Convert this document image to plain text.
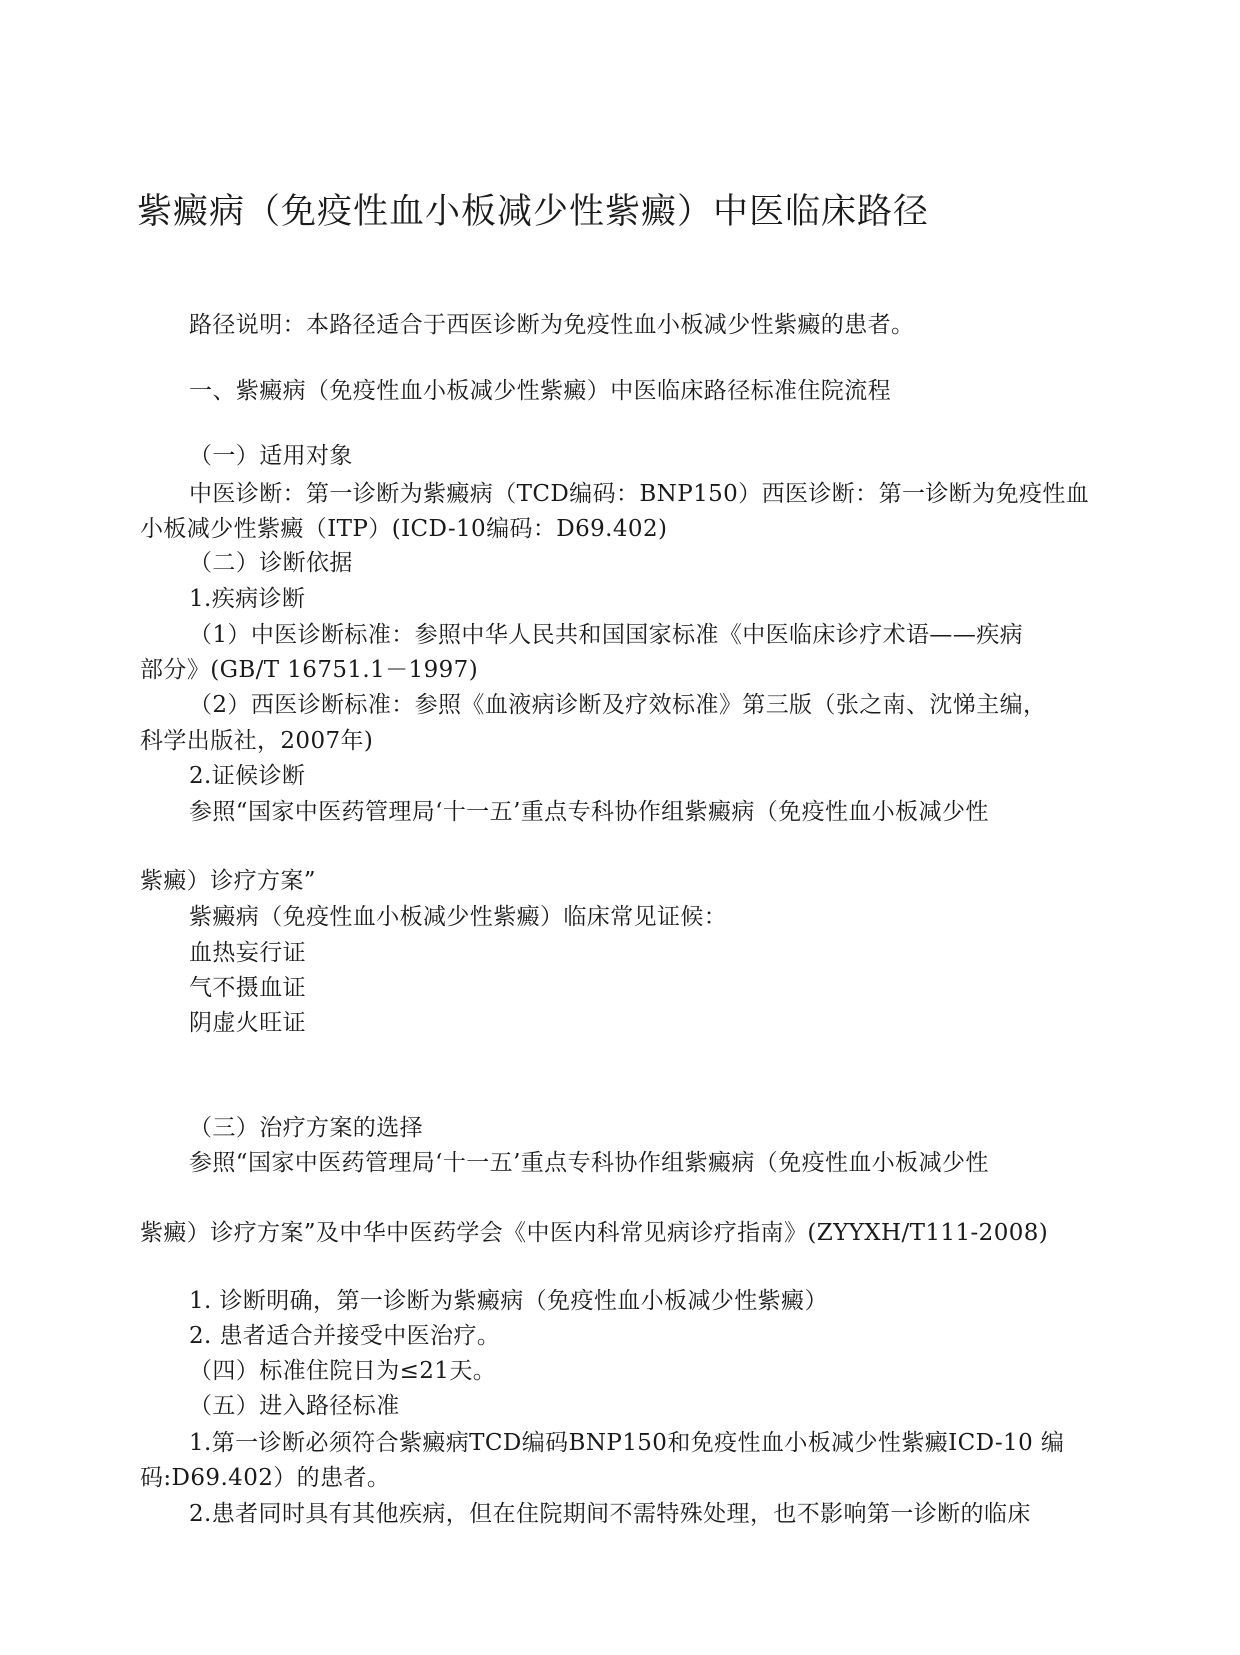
紫癜病（免疫性血小板减少性紫癜）中医临床路径
路径说明：本路径适合于西医诊断为免疫性血小板减少性紫癜的患者。
一、紫癜病（免疫性血小板减少性紫癜）中医临床路径标准住院流程
（一）适用对象
中医诊断：第一诊断为紫癜病（TCD编码：BNP150）西医诊断：第一诊断为免疫性血
小板减少性紫癜（ITP）(ICD-10编码：D69.402)
（二）诊断依据
1.疾病诊断
（1）中医诊断标准：参照中华人民共和国国家标准《中医临床诊疗术语——疾病
部分》(GB/T 16751.1－1997)
（2）西医诊断标准：参照《血液病诊断及疗效标准》第三版（张之南、沈悌主编，
科学出版社，2007年)
2.证候诊断
参照“国家中医药管理局‘十一五’重点专科协作组紫癜病（免疫性血小板减少性
紫癜）诊疗方案”
紫癜病（免疫性血小板减少性紫癜）临床常见证候：
血热妄行证
气不摄血证
阴虚火旺证
（三）治疗方案的选择
参照“国家中医药管理局‘十一五’重点专科协作组紫癜病（免疫性血小板减少性
紫癜）诊疗方案”及中华中医药学会《中医内科常见病诊疗指南》(ZYYXH/T111-2008)
1. 诊断明确，第一诊断为紫癜病（免疫性血小板减少性紫癜）
2. 患者适合并接受中医治疗。
（四）标准住院日为≤21天。
（五）进入路径标准
1.第一诊断必须符合紫癜病TCD编码BNP150和免疫性血小板减少性紫癜ICD-10 编
码:D69.402）的患者。
2.患者同时具有其他疾病，但在住院期间不需特殊处理，也不影响第一诊断的临床
